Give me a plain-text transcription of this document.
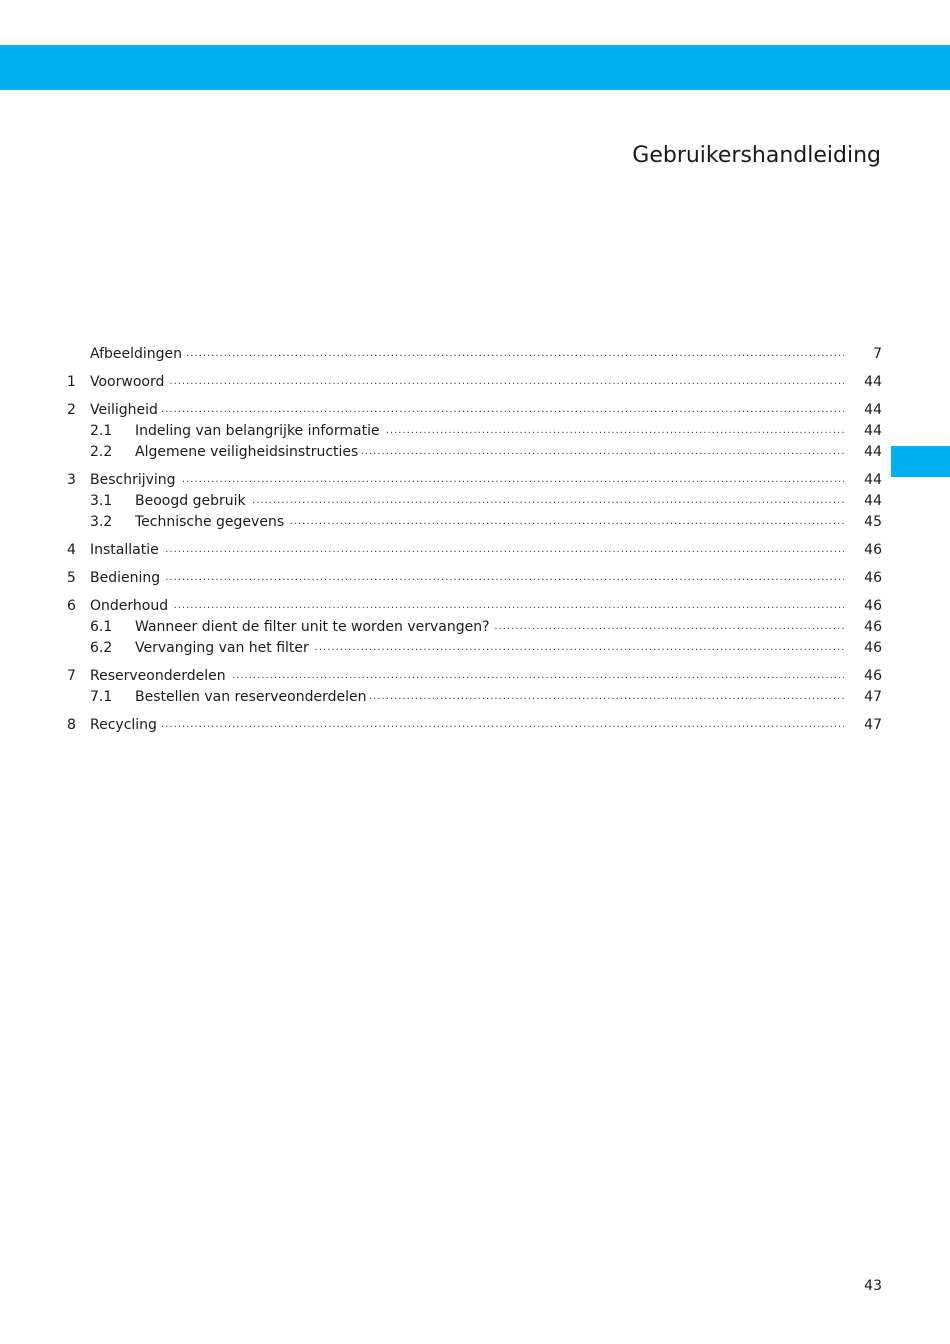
Gebruikershandleiding
Afbeeldingen .....	7
1 Voorwoord .....	44
2 Veiligheid .....	44
2.1 Indeling van belangrijke informatie .....	44
2.2 Algemene veiligheidsinstructies .....	44
3 Beschrijving .....	44
3.1 Beoogd gebruik .....	44
3.2 Technische gegevens .....	45
4 Installatie .....	46
5 Bediening .....	46
6 Onderhoud .....	46
6.1 Wanneer dient de filter unit te worden vervangen? .....	46
6.2 Vervanging van het filter .....	46
7 Reserveonderdelen .....	46
7.1 Bestellen van reserveonderdelen .....	47
8 Recycling .....	47
43
